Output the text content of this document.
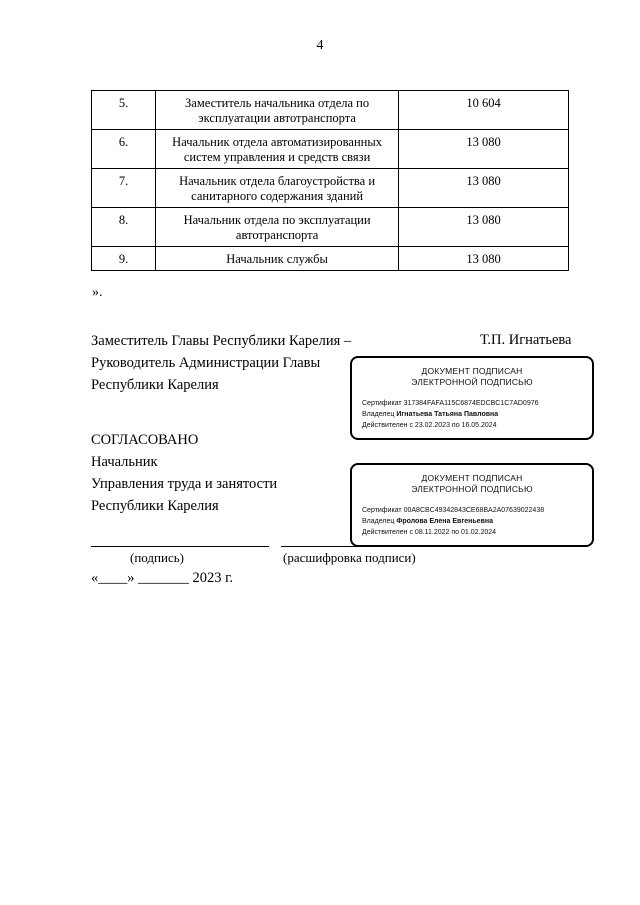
4
5.	Заместитель начальника отдела по эксплуатации автотранспорта	10 604
6.	Начальник отдела автоматизированных систем управления и средств связи	13 080
7.	Начальник отдела благоустройства и санитарного содержания зданий	13 080
8.	Начальник отдела по эксплуатации автотранспорта	13 080
9.	Начальник службы	13 080
».
Заместитель Главы Республики Карелия –
Руководитель Администрации Главы
Республики Карелия
Т.П. Игнатьева
ДОКУМЕНТ ПОДПИСАН
ЭЛЕКТРОННОЙ ПОДПИСЬЮ
Сертификат 317384FAFA115C6874EDCBC1C7AD0976
Владелец Игнатьева Татьяна Павловна
Действителен с 23.02.2023 по 16.05.2024
СОГЛАСОВАНО
Начальник
Управления труда и занятости
Республики Карелия
ДОКУМЕНТ ПОДПИСАН
ЭЛЕКТРОННОЙ ПОДПИСЬЮ
Сертификат 00A8CBC49342843CE68BA2A07639022438
Владелец Фролова Елена Евгеньевна
Действителен с 08.11.2022 по 01.02.2024
(подпись)	(расшифровка подписи)
«____» _______ 2023 г.
